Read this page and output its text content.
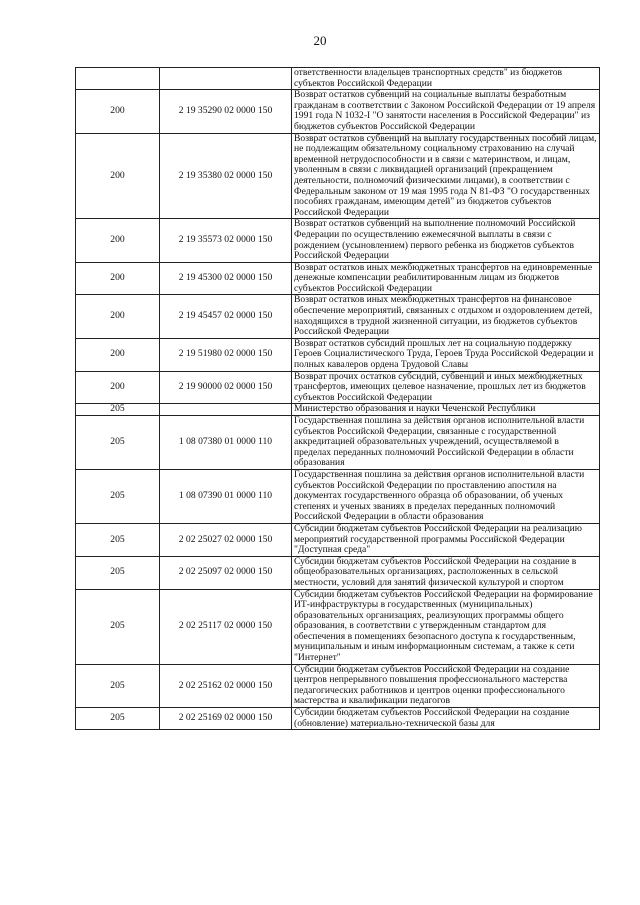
20
		ответственности владельцев транспортных средств" из бюджетов субъектов Российской Федерации
200	2 19 35290 02 0000 150	Возврат остатков субвенций на социальные выплаты безработным гражданам в соответствии с Законом Российской Федерации от 19 апреля 1991 года N 1032-I "О занятости населения в Российской Федерации" из бюджетов субъектов Российской Федерации
200	2 19 35380 02 0000 150	Возврат остатков субвенций на выплату государственных пособий лицам, не подлежащим обязательному социальному страхованию на случай временной нетрудоспособности и в связи с материнством, и лицам, уволенным в связи с ликвидацией организаций (прекращением деятельности, полномочий физическими лицами), в соответствии с Федеральным законом от 19 мая 1995 года N 81-ФЗ "О государственных пособиях гражданам, имеющим детей" из бюджетов субъектов Российской Федерации
200	2 19 35573 02 0000 150	Возврат остатков субвенций на выполнение полномочий Российской Федерации по осуществлению ежемесячной выплаты в связи с рождением (усыновлением) первого ребенка из бюджетов субъектов Российской Федерации
200	2 19 45300 02 0000 150	Возврат остатков иных межбюджетных трансфертов на единовременные денежные компенсации реабилитированным лицам из бюджетов субъектов Российской Федерации
200	2 19 45457 02 0000 150	Возврат остатков иных межбюджетных трансфертов на финансовое обеспечение мероприятий, связанных с отдыхом и оздоровлением детей, находящихся в трудной жизненной ситуации, из бюджетов субъектов Российской Федерации
200	2 19 51980 02 0000 150	Возврат остатков субсидий прошлых лет на социальную поддержку Героев Социалистического Труда, Героев Труда Российской Федерации и полных кавалеров ордена Трудовой Славы
200	2 19 90000 02 0000 150	Возврат прочих остатков субсидий, субвенций и иных межбюджетных трансфертов, имеющих целевое назначение, прошлых лет из бюджетов субъектов Российской Федерации
205		Министерство образования и науки Чеченской Республики
205	1 08 07380 01 0000 110	Государственная пошлина за действия органов исполнительной власти субъектов Российской Федерации, связанные с государственной аккредитацией образовательных учреждений, осуществляемой в пределах переданных полномочий Российской Федерации в области образования
205	1 08 07390 01 0000 110	Государственная пошлина за действия органов исполнительной власти субъектов Российской Федерации по проставлению апостиля на документах государственного образца об образовании, об ученых степенях и ученых званиях в пределах переданных полномочий Российской Федерации в области образования
205	2 02 25027 02 0000 150	Субсидии бюджетам субъектов Российской Федерации на реализацию мероприятий государственной программы Российской Федерации "Доступная среда"
205	2 02 25097 02 0000 150	Субсидии бюджетам субъектов Российской Федерации на создание в общеобразовательных организациях, расположенных в сельской местности, условий для занятий физической культурой и спортом
205	2 02 25117 02 0000 150	Субсидии бюджетам субъектов Российской Федерации на формирование ИТ-инфраструктуры в государственных (муниципальных) образовательных организациях, реализующих программы общего образования, в соответствии с утвержденным стандартом для обеспечения в помещениях безопасного доступа к государственным, муниципальным и иным информационным системам, а также к сети "Интернет"
205	2 02 25162 02 0000 150	Субсидии бюджетам субъектов Российской Федерации на создание центров непрерывного повышения профессионального мастерства педагогических работников и центров оценки профессионального мастерства и квалификации педагогов
205	2 02 25169 02 0000 150	Субсидии бюджетам субъектов Российской Федерации на создание (обновление) материально-технической базы для
